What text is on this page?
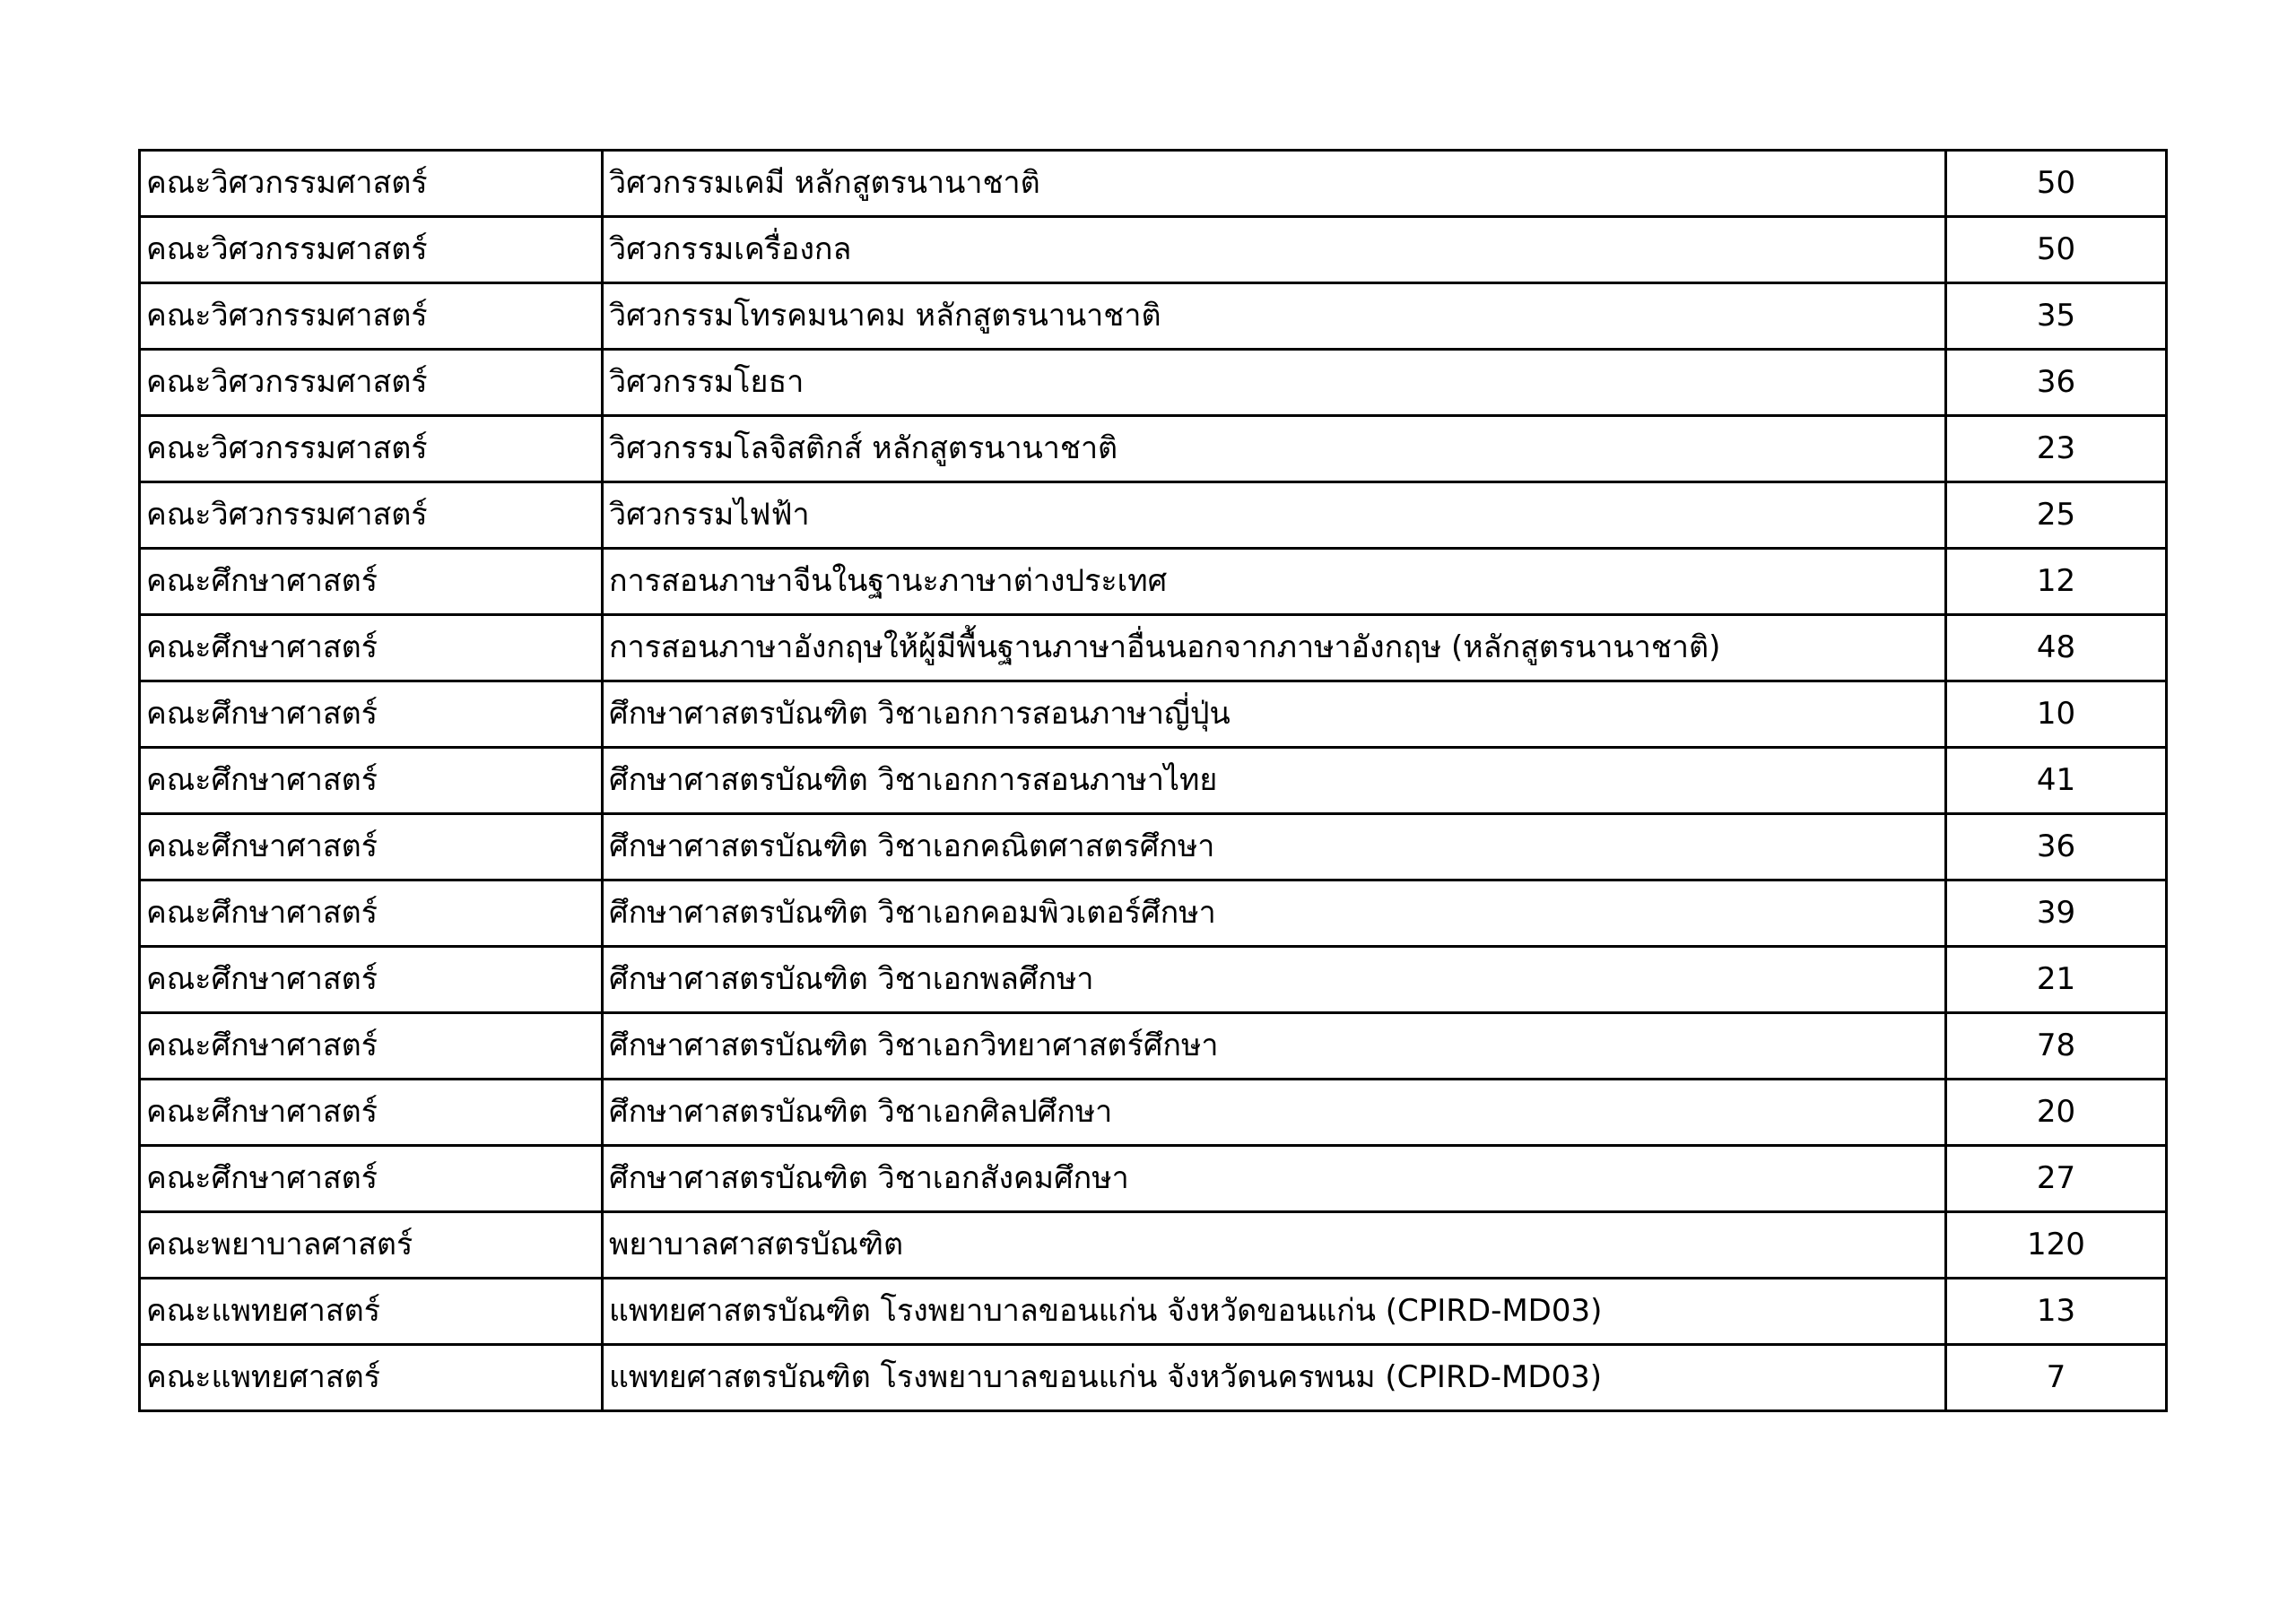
คณะวิศวกรรมศาสตร์	วิศวกรรมเคมี หลักสูตรนานาชาติ	50
คณะวิศวกรรมศาสตร์	วิศวกรรมเครื่องกล	50
คณะวิศวกรรมศาสตร์	วิศวกรรมโทรคมนาคม หลักสูตรนานาชาติ	35
คณะวิศวกรรมศาสตร์	วิศวกรรมโยธา	36
คณะวิศวกรรมศาสตร์	วิศวกรรมโลจิสติกส์ หลักสูตรนานาชาติ	23
คณะวิศวกรรมศาสตร์	วิศวกรรมไฟฟ้า	25
คณะศึกษาศาสตร์	การสอนภาษาจีนในฐานะภาษาต่างประเทศ	12
คณะศึกษาศาสตร์	การสอนภาษาอังกฤษให้ผู้มีพื้นฐานภาษาอื่นนอกจากภาษาอังกฤษ (หลักสูตรนานาชาติ)	48
คณะศึกษาศาสตร์	ศึกษาศาสตรบัณฑิต วิชาเอกการสอนภาษาญี่ปุ่น	10
คณะศึกษาศาสตร์	ศึกษาศาสตรบัณฑิต วิชาเอกการสอนภาษาไทย	41
คณะศึกษาศาสตร์	ศึกษาศาสตรบัณฑิต วิชาเอกคณิตศาสตรศึกษา	36
คณะศึกษาศาสตร์	ศึกษาศาสตรบัณฑิต วิชาเอกคอมพิวเตอร์ศึกษา	39
คณะศึกษาศาสตร์	ศึกษาศาสตรบัณฑิต วิชาเอกพลศึกษา	21
คณะศึกษาศาสตร์	ศึกษาศาสตรบัณฑิต วิชาเอกวิทยาศาสตร์ศึกษา	78
คณะศึกษาศาสตร์	ศึกษาศาสตรบัณฑิต วิชาเอกศิลปศึกษา	20
คณะศึกษาศาสตร์	ศึกษาศาสตรบัณฑิต วิชาเอกสังคมศึกษา	27
คณะพยาบาลศาสตร์	พยาบาลศาสตรบัณฑิต	120
คณะแพทยศาสตร์	แพทยศาสตรบัณฑิต โรงพยาบาลขอนแก่น จังหวัดขอนแก่น (CPIRD-MD03)	13
คณะแพทยศาสตร์	แพทยศาสตรบัณฑิต โรงพยาบาลขอนแก่น จังหวัดนครพนม (CPIRD-MD03)	7
